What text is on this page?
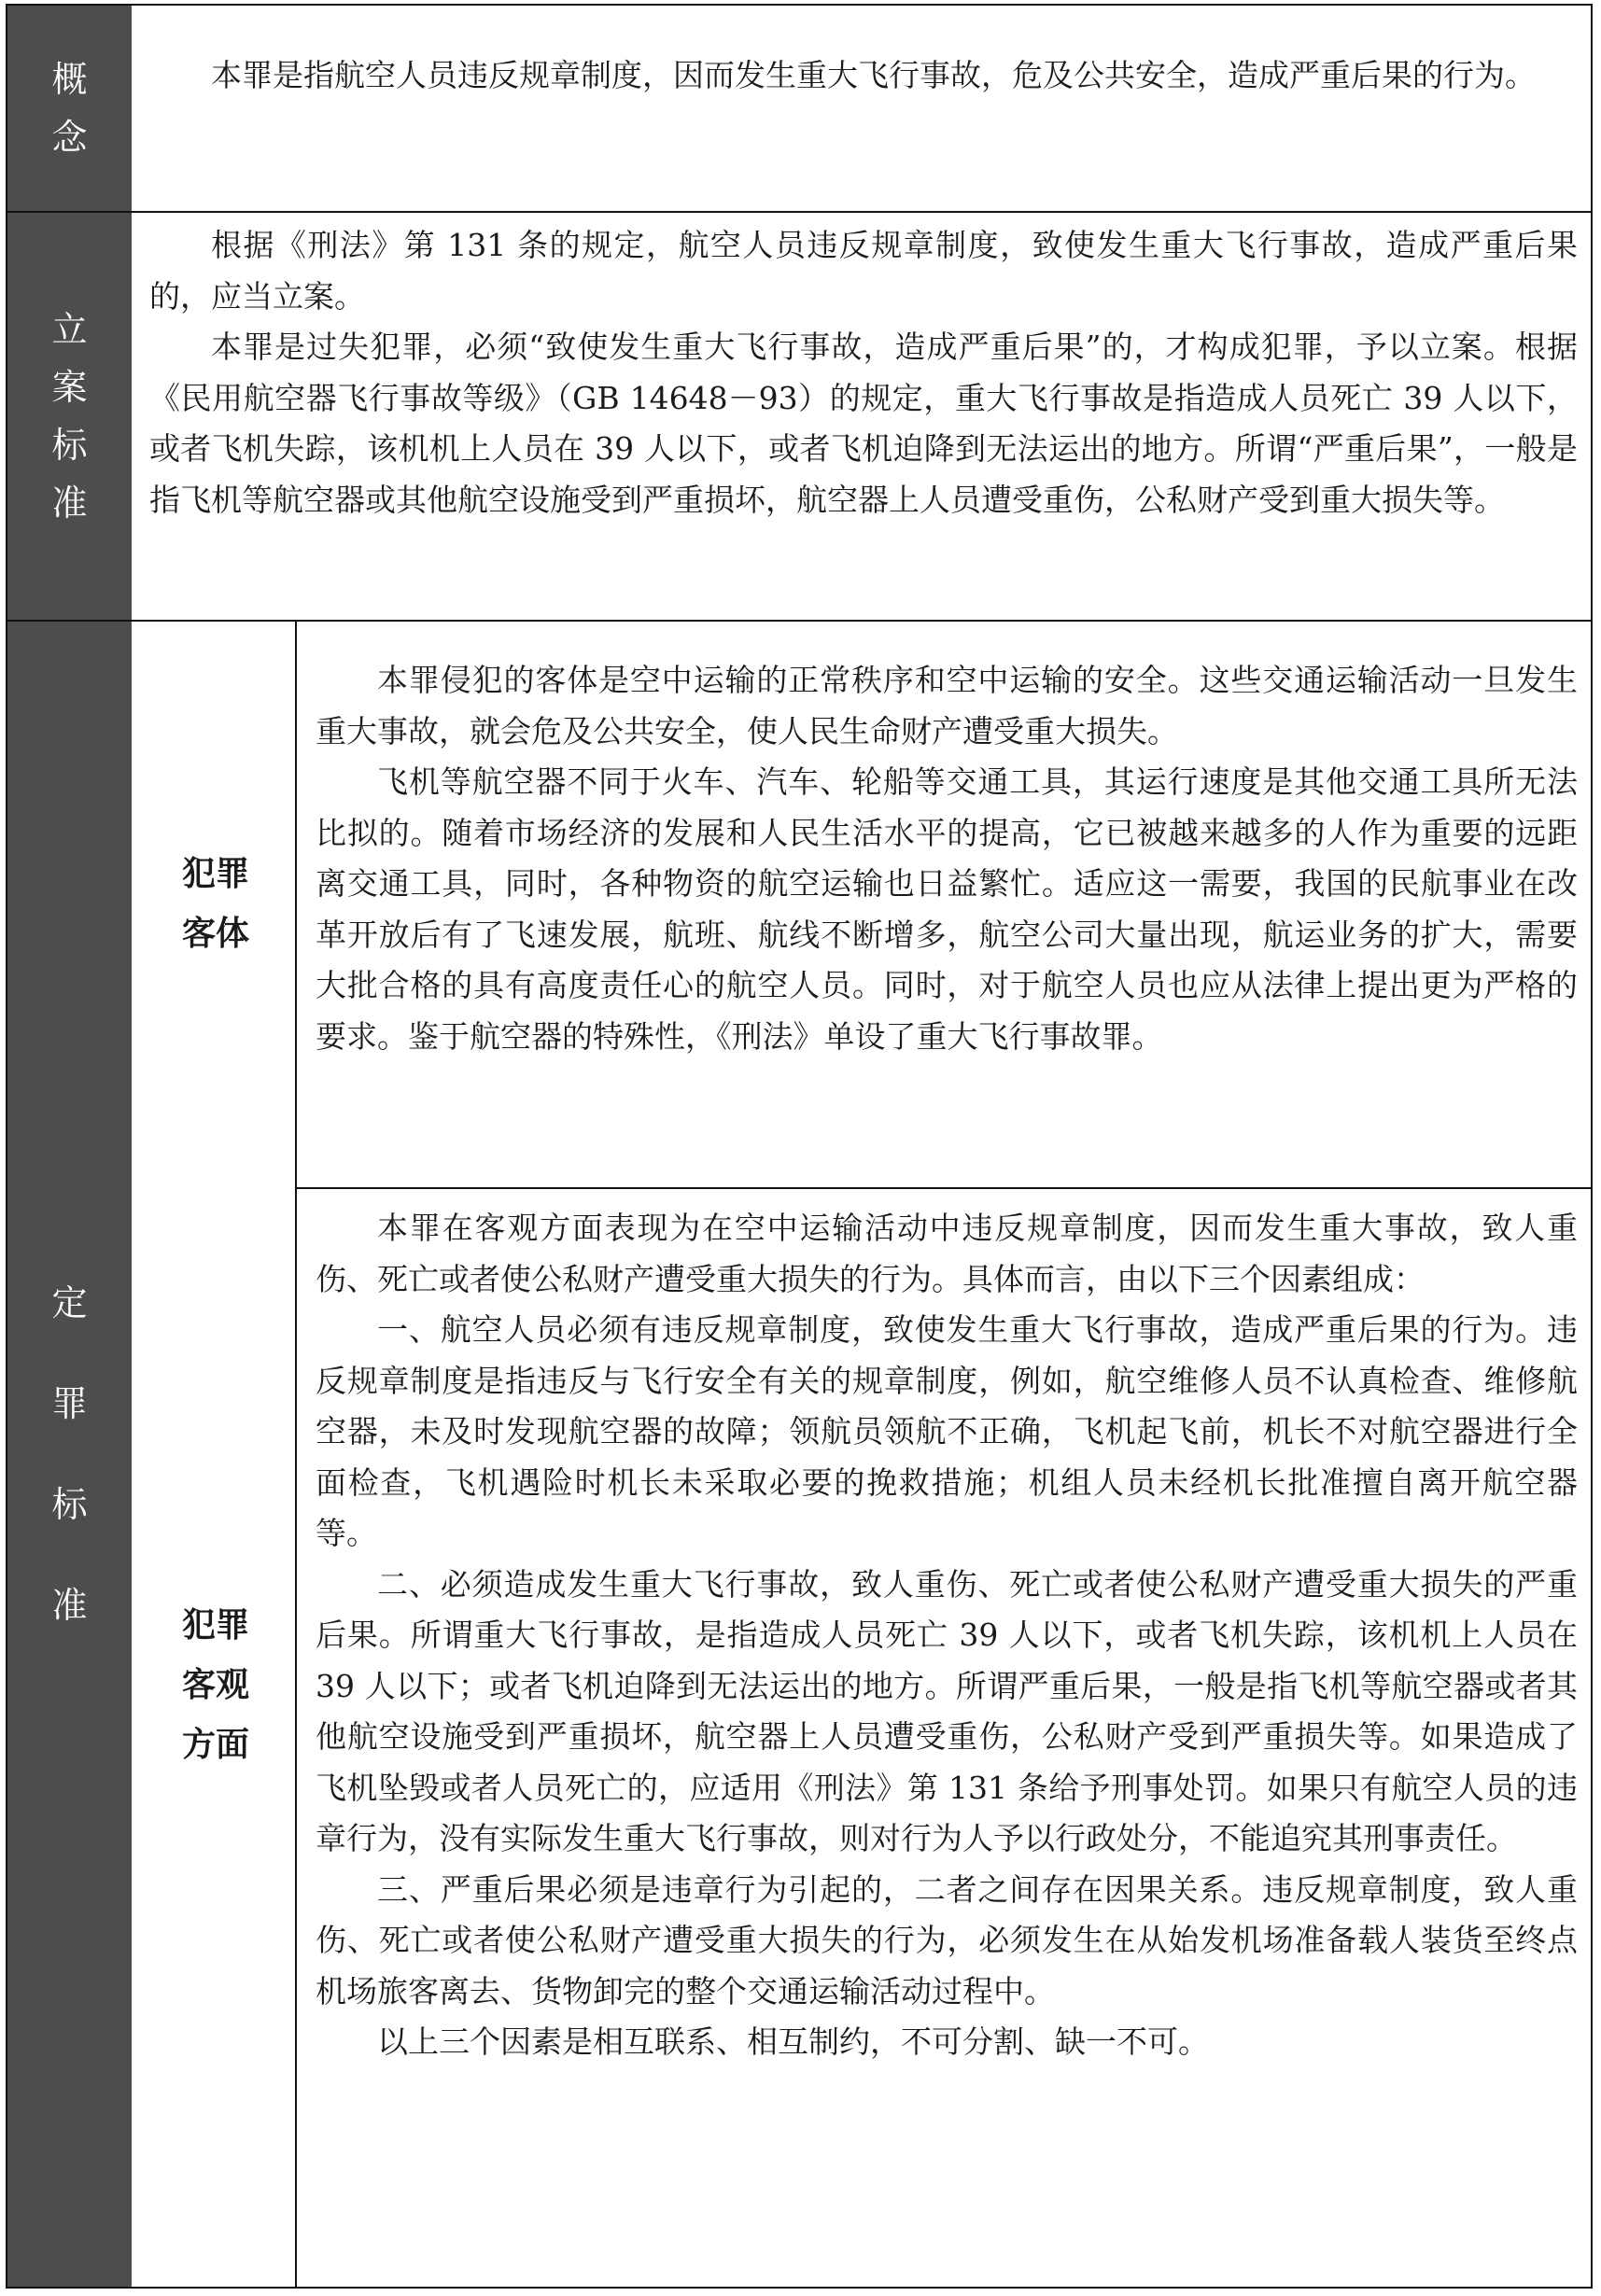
概
念

本罪是指航空人员违反规章制度，因而发生重大飞行事故，危及公共安全，造成严重后果的行为。

立
案
标
准

根据《刑法》第 131 条的规定，航空人员违反规章制度，致使发生重大飞行事故，造成严重后果的，应当立案。

本罪是过失犯罪，必须“致使发生重大飞行事故，造成严重后果”的，才构成犯罪，予以立案。根据《民用航空器飞行事故等级》（GB 14648－93）的规定，重大飞行事故是指造成人员死亡 39 人以下，或者飞机失踪，该机机上人员在 39 人以下，或者飞机迫降到无法运出的地方。所谓“严重后果”，一般是指飞机等航空器或其他航空设施受到严重损坏，航空器上人员遭受重伤，公私财产受到重大损失等。

定
罪
标
准
犯罪
客体

本罪侵犯的客体是空中运输的正常秩序和空中运输的安全。这些交通运输活动一旦发生重大事故，就会危及公共安全，使人民生命财产遭受重大损失。

飞机等航空器不同于火车、汽车、轮船等交通工具，其运行速度是其他交通工具所无法比拟的。随着市场经济的发展和人民生活水平的提高，它已被越来越多的人作为重要的远距离交通工具，同时，各种物资的航空运输也日益繁忙。适应这一需要，我国的民航事业在改革开放后有了飞速发展，航班、航线不断增多，航空公司大量出现，航运业务的扩大，需要大批合格的具有高度责任心的航空人员。同时，对于航空人员也应从法律上提出更为严格的要求。鉴于航空器的特殊性，《刑法》单设了重大飞行事故罪。

犯罪
客观
方面

本罪在客观方面表现为在空中运输活动中违反规章制度，因而发生重大事故，致人重伤、死亡或者使公私财产遭受重大损失的行为。具体而言，由以下三个因素组成：

一、航空人员必须有违反规章制度，致使发生重大飞行事故，造成严重后果的行为。违反规章制度是指违反与飞行安全有关的规章制度，例如，航空维修人员不认真检查、维修航空器，未及时发现航空器的故障；领航员领航不正确，飞机起飞前，机长不对航空器进行全面检查，飞机遇险时机长未采取必要的挽救措施；机组人员未经机长批准擅自离开航空器等。

二、必须造成发生重大飞行事故，致人重伤、死亡或者使公私财产遭受重大损失的严重后果。所谓重大飞行事故，是指造成人员死亡 39 人以下，或者飞机失踪，该机机上人员在 39 人以下；或者飞机迫降到无法运出的地方。所谓严重后果，一般是指飞机等航空器或者其他航空设施受到严重损坏，航空器上人员遭受重伤，公私财产受到严重损失等。如果造成了飞机坠毁或者人员死亡的，应适用《刑法》第 131 条给予刑事处罚。如果只有航空人员的违章行为，没有实际发生重大飞行事故，则对行为人予以行政处分，不能追究其刑事责任。

三、严重后果必须是违章行为引起的，二者之间存在因果关系。违反规章制度，致人重伤、死亡或者使公私财产遭受重大损失的行为，必须发生在从始发机场准备载人装货至终点机场旅客离去、货物卸完的整个交通运输活动过程中。

以上三个因素是相互联系、相互制约，不可分割、缺一不可。
